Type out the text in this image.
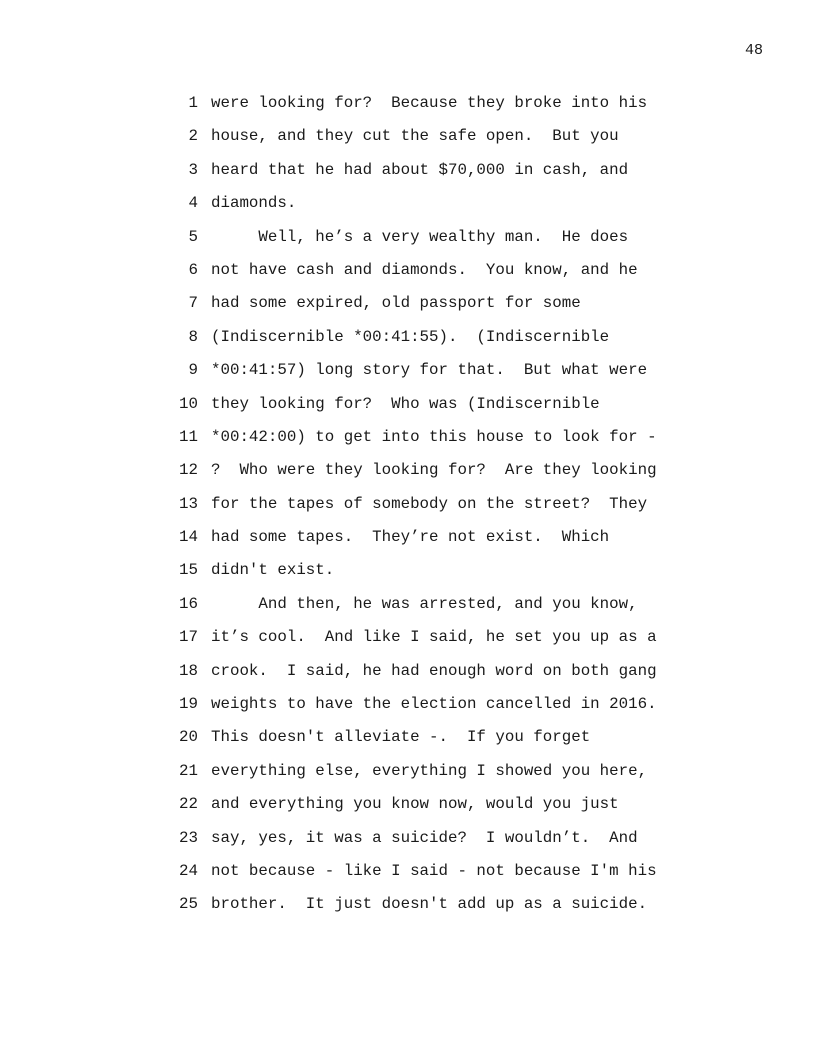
48
1 were looking for?  Because they broke into his
2 house, and they cut the safe open.  But you
3 heard that he had about $70,000 in cash, and
4 diamonds.
5 Well, he’s a very wealthy man.  He does
6 not have cash and diamonds.  You know, and he
7 had some expired, old passport for some
8 (Indiscernible *00:41:55).  (Indiscernible
9 *00:41:57) long story for that.  But what were
10 they looking for?  Who was (Indiscernible
11 *00:42:00) to get into this house to look for -
12 ?  Who were they looking for?  Are they looking
13 for the tapes of somebody on the street?  They
14 had some tapes.  They’re not exist.  Which
15 didn't exist.
16 And then, he was arrested, and you know,
17 it’s cool.  And like I said, he set you up as a
18 crook.  I said, he had enough word on both gang
19 weights to have the election cancelled in 2016.
20 This doesn't alleviate -.  If you forget
21 everything else, everything I showed you here,
22 and everything you know now, would you just
23 say, yes, it was a suicide?  I wouldn’t.  And
24 not because - like I said - not because I'm his
25 brother.  It just doesn't add up as a suicide.
